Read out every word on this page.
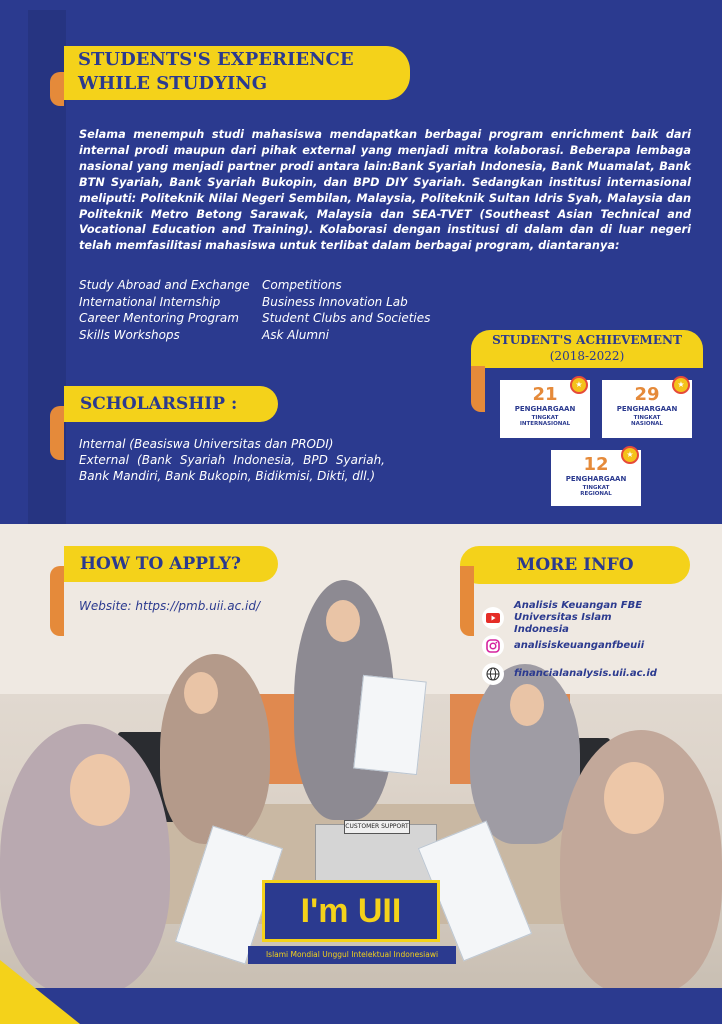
STUDENTS'S EXPERIENCE
WHILE STUDYING
Selama menempuh studi mahasiswa mendapatkan berbagai program enrichment baik dari internal prodi maupun dari pihak external yang menjadi mitra kolaborasi. Beberapa lembaga nasional yang menjadi partner prodi antara lain:Bank Syariah Indonesia, Bank Muamalat, Bank BTN Syariah, Bank Syariah Bukopin, dan BPD DIY Syariah. Sedangkan institusi internasional meliputi: Politeknik Nilai Negeri Sembilan, Malaysia, Politeknik Sultan Idris Syah, Malaysia dan Politeknik Metro Betong Sarawak, Malaysia dan SEA-TVET (Southeast Asian Technical and Vocational Education and Training). Kolaborasi dengan institusi di dalam dan di luar negeri telah memfasilitasi mahasiswa untuk terlibat dalam berbagai program, diantaranya:
Study Abroad and Exchange
International Internship
Career Mentoring Program
Skills Workshops
Competitions
Business Innovation Lab
Student Clubs and Societies
Ask Alumni	STUDENT'S ACHIEVEMENT
(2018-2022)
21
PENGHARGAAN
TINGKAT INTERNASIONAL
★	29
PENGHARGAAN
TINGKAT NASIONAL
★
12
PENGHARGAAN
TINGKAT REGIONAL
★
SCHOLARSHIP :
Internal (Beasiswa Universitas dan PRODI)
External (Bank Syariah Indonesia, BPD Syariah, Bank Mandiri, Bank Bukopin, Bidikmisi, Dikti, dll.)
CUSTOMER SUPPORT
HOW TO APPLY?
Website: https://pmb.uii.ac.id/
MORE INFO
Analisis Keuangan FBE Universitas Islam Indonesia
analisiskeuanganfbeuii
financialanalysis.uii.ac.id
I'm UII
Islami Mondial Unggul Intelektual Indonesiawi
